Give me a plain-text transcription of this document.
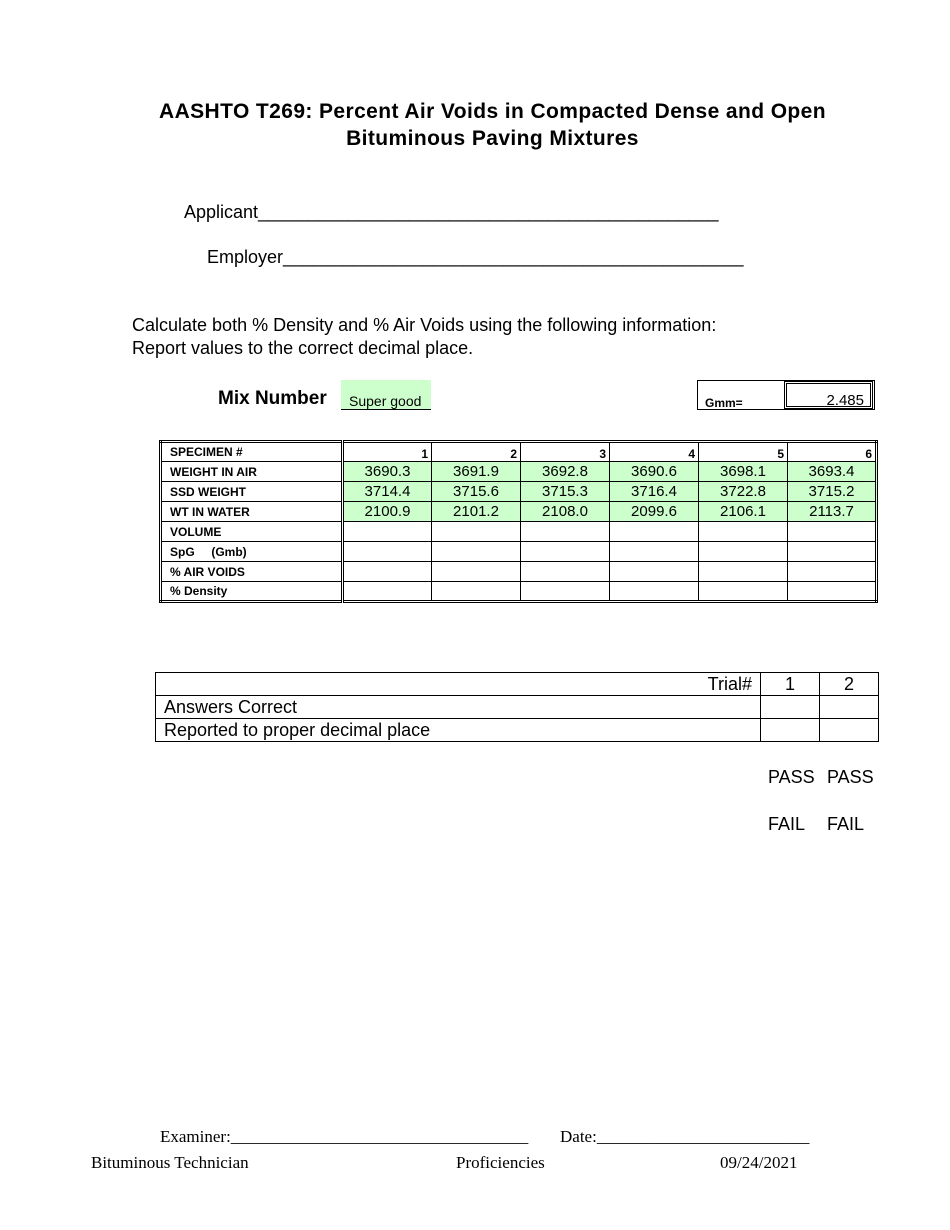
AASHTO T269: Percent Air Voids in Compacted Dense and Open
Bituminous Paving Mixtures
Applicant______________________________________________
Employer______________________________________________
Calculate both % Density and % Air Voids using the following information:
Report values to the correct decimal place.
Mix Number	Super good	Gmm=	2.485
SPECIMEN #	1	2	3	4	5	6
WEIGHT IN AIR	3690.3	3691.9	3692.8	3690.6	3698.1	3693.4
SSD WEIGHT	3714.4	3715.6	3715.3	3716.4	3722.8	3715.2
WT IN WATER	2100.9	2101.2	2108.0	2099.6	2106.1	2113.7
VOLUME						
SpG     (Gmb)						
% AIR VOIDS						
% Density						
Trial#	1	2
Answers Correct		
Reported to proper decimal place		
PASS PASS
FAIL FAIL
Examiner:___________________________________ Date:_________________________
Bituminous Technician	Proficiencies	09/24/2021
